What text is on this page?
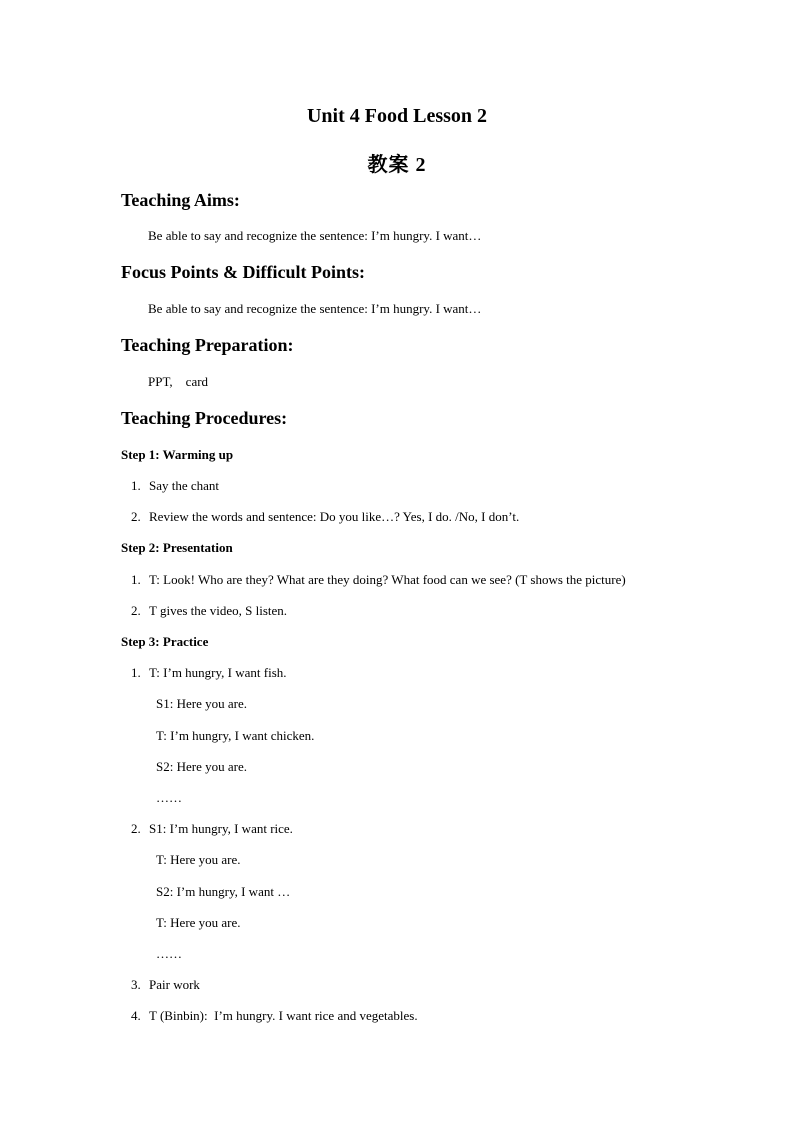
Unit 4 Food Lesson 2
教案 2
Teaching Aims:
Be able to say and recognize the sentence: I’m hungry. I want…
Focus Points & Difficult Points:
Be able to say and recognize the sentence: I’m hungry. I want…
Teaching Preparation:
PPT,    card
Teaching Procedures:
Step 1: Warming up
1. Say the chant
2. Review the words and sentence: Do you like…? Yes, I do. /No, I don’t.
Step 2: Presentation
1. T: Look! Who are they? What are they doing? What food can we see? (T shows the picture)
2. T gives the video, S listen.
Step 3: Practice
1. T: I’m hungry, I want fish.
S1: Here you are.
T: I’m hungry, I want chicken.
S2: Here you are.
……
2. S1: I’m hungry, I want rice.
T: Here you are.
S2: I’m hungry, I want …
T: Here you are.
……
3. Pair work
4. T (Binbin):  I’m hungry. I want rice and vegetables.
